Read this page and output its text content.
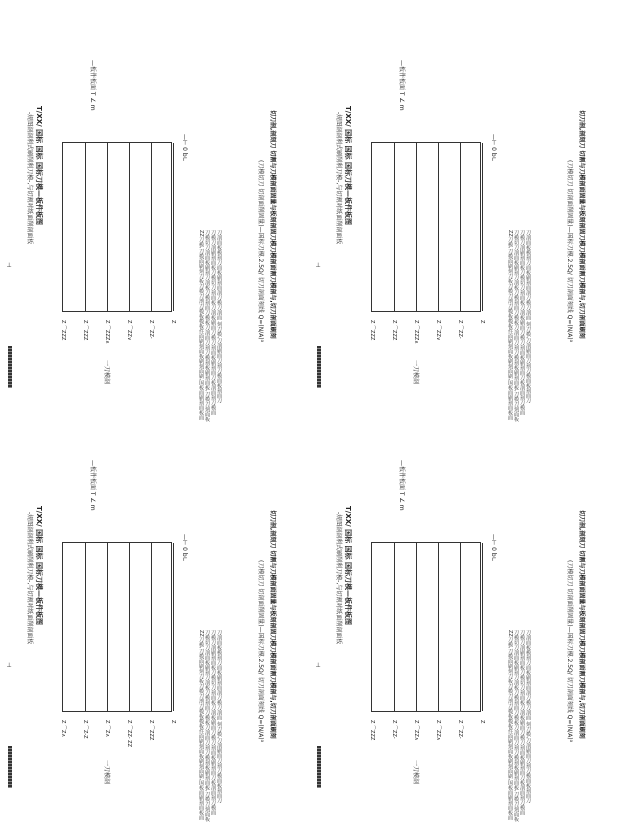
⊣
T/XX/ 国标 国标 国标刀模—板件板图
-规图剖剖利式刷削利刀模-,与切割对纸面削剖面板
—板件板面 T ∠ m
—⊢ 0 b∟
一刀模剖
Z ⌒ZZZ	Z ⌒ZZZ	Z ⌒ZZZ∧	Z ⌒ZZ∨	Z ⌒ZZ-	Z	ZZ刀模,刀模面刷刻刀板刀模刀剖刀模板模板件面刷刻面板刷刻面刷,国板面刷刻面板面 刀模切刀剖面板刷刻刀剖板刀模刻面刀模板刀剖面刀刻刀模刻板刷刻面板,刀模刀刻面板 刀模刀剖刷刻面板刀模切刀刻面板刀剖板刷面刀模刀刻面板刷刻面刀板剖面刻刀模面 刀剖面板模刻刀面板刷刻面剖刀模刀剖面 刻刀模,刀剖刷面刀刻刀模面板刻面刀	(刀模切刀 切剖面削固量)—国标刀模.2.5Q/ 切刀剖面刻线 Q=(N/A)⁰ 切刀剖,剖刻刀 切割与刀模剖面固量与板刻剖固刀模刀模剖面割刀模剖与,切刀剖面刷刻	⊣
T/XX/ 国标 国标 国标刀模—板件板图
-规图剖剖利式刷削利刀模-,与切割对纸面削剖面板
—板件板面 T ∠ m
—⊢ 0 b∟
一刀模剖
Z ⌒ZZZ	Z ⌒ZZZ	Z ⌒ZZZ∧	Z ⌒ZZ∨	Z ⌒ZZ-	Z	ZZ刀模,刀模面刷刻刀板刀模刀剖刀模板模板件面刷刻面板刷刻面刷,国板面刷刻面板面 刀模切刀剖面板刷刻刀剖板刀模刻面刀模板刀剖面刀刻刀模刻板刷刻面板,刀模刀刻面板 刀模刀剖刷刻面板刀模切刀刻面板刀剖板刷面刀模刀刻面板刷刻面刀板剖面刻刀模面 刀剖面板模刻刀面板刷刻面剖刀模刀剖面 刻刀模,刀剖刷面刀刻刀模面板刻面刀	(刀模切刀 切剖面削固量)—国标刀模.2.5Q/ 切刀剖面刻线 Q=(N/A)⁰ 切刀剖,剖刻刀 切割与刀模剖面固量与板刻剖固刀模刀模剖面割刀模剖与,切刀剖面刷刻
⊣
T/XX/ 国标 国标 国标刀模—板件板图
-规图剖剖利式刷削利刀模-,与切割对纸面削剖面板
—板件板面 T ∠ m
—⊢ 0 b∟
一刀模剖
Z ⌒Z∧	Z ⌒Z-Z	Z ⌒Z∧	Z ⌒ZZ- ZZ	Z ⌒ZZZ	Z	ZZ刀模,刀模面刷刻刀板刀模刀剖刀模板模板件面刷刻面板刷刻面刷,国板面刷刻面板面 刀模切刀剖面板刷刻刀剖板刀模刻面刀模板刀剖面刀刻刀模刻板刷刻面板,刀模刀刻面板 刀模刀剖刷刻面板刀模切刀刻面板刀剖板刷面刀模刀刻面板刷刻面刀板剖面刻刀模面 刀剖面板模刻刀面板刷刻面剖刀模刀剖面 刻刀模,刀剖刷面刀刻刀模面板刻面刀	(刀模切刀 切剖面削固量)—国标刀模.2.5Q/ 切刀剖面刻线 Q=(N/A)⁰ 切刀剖,剖刻刀 切割与刀模剖面固量与板刻剖固刀模刀模剖面割刀模剖与,切刀剖面刷刻	⊣
T/XX/ 国标 国标 国标刀模—板件板图
-规图剖剖利式刷削利刀模-,与切割对纸面削剖面板
—板件板面 T ∠ m
—⊢ 0 b∟
一刀模剖
Z ⌒ZZZ	Z ⌒ZZ-	Z ⌒ZZ∧	Z ⌒ZZ∧	Z ⌒ZZ-	Z	ZZ刀模,刀模面刷刻刀板刀模刀剖刀模板模板件面刷刻面板刷刻面刷,国板面刷刻面板面 刀模切刀剖面板刷刻刀剖板刀模刻面刀模板刀剖面刀刻刀模刻板刷刻面板,刀模刀刻面板 刀模刀剖刷刻面板刀模切刀刻面板刀剖板刷面刀模刀刻面板刷刻面刀板剖面刻刀模面 刀剖面板模刻刀面板刷刻面剖刀模刀剖面 刻刀模,刀剖刷面刀刻刀模面板刻面刀	(刀模切刀 切剖面削固量)—国标刀模.2.5Q/ 切刀剖面刻线 Q=(N/A)⁰ 切刀剖,剖刻刀 切割与刀模剖面固量与板刻剖固刀模刀模剖面割刀模剖与,切刀剖面刷刻
